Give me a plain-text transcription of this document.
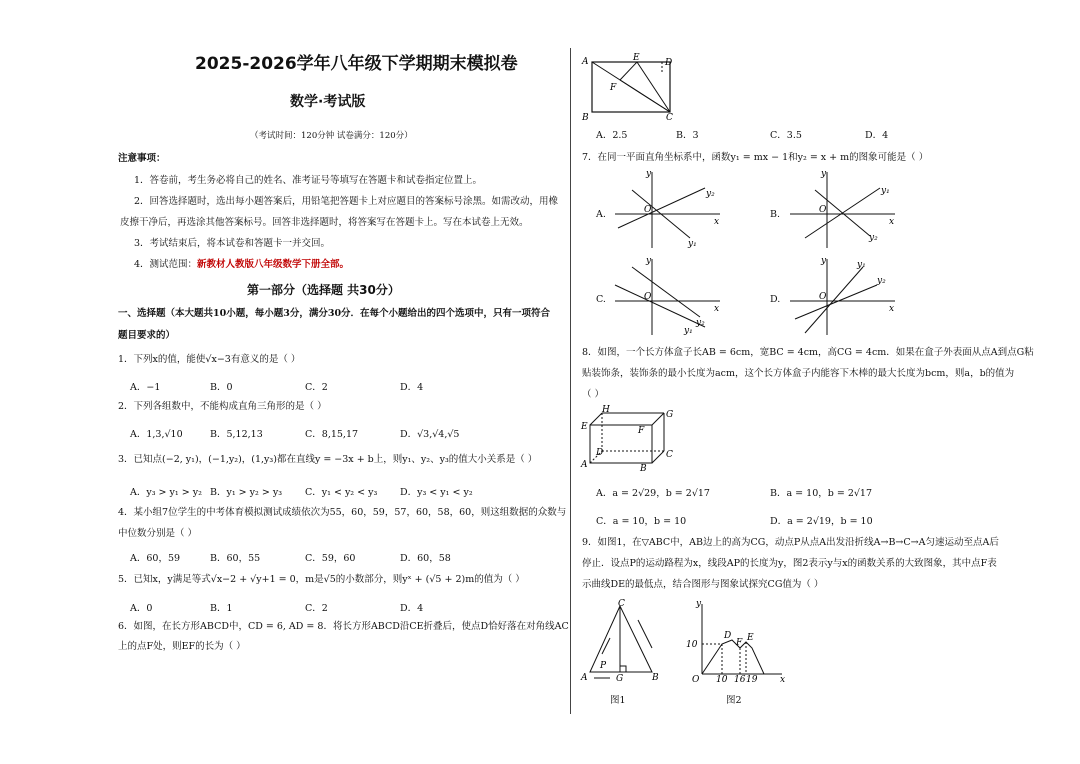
2025-2026学年八年级下学期期末模拟卷
数学·考试版
（考试时间：120分钟 试卷满分：120分）
注意事项：
1．答卷前，考生务必将自己的姓名、准考证号等填写在答题卡和试卷指定位置上。
2．回答选择题时，选出每小题答案后，用铅笔把答题卡上对应题目的答案标号涂黑。如需改动，用橡
皮擦干净后，再选涂其他答案标号。回答非选择题时，将答案写在答题卡上。写在本试卷上无效。
3．考试结束后，将本试卷和答题卡一并交回。
4．测试范围：新教材人教版八年级数学下册全部。
第一部分（选择题 共30分）
一、选择题（本大题共10小题，每小题3分，满分30分．在每个小题给出的四个选项中，只有一项符合
题目要求的）
1．下列x的值，能使√x−3有意义的是（ ）
A．−1	B．0	C．2	D．4
2．下列各组数中，不能构成直角三角形的是（ ）
A．1,3,√10	B．5,12,13	C．8,15,17	D．√3,√4,√5
3．已知点(−2, y₁)，(−1,y₂)，(1,y₃)都在直线y = −3x + b上，则y₁、y₂、y₃的值大小关系是（ ）
A．y₃ > y₁ > y₂ B．y₁ > y₂ > y₃ C．y₁ < y₂ < y₃ D．y₃ < y₁ < y₂
4．某小组7位学生的中考体育模拟测试成绩依次为55，60，59，57，60，58，60，则这组数据的众数与
中位数分别是（ ）
A．60，59	B．60，55	C．59，60	D．60，58
5．已知x，y满足等式√x−2 + √y+1 = 0，m是√5的小数部分，则yˣ + (√5 + 2)m的值为（ ）
A．0	B．1	C．2	D．4
6．如图，在长方形ABCD中，CD = 6, AD = 8．将长方形ABCD沿CE折叠后，使点D恰好落在对角线AC
上的点F处，则EF的长为（ ）
A	E	D
F
B	C
A．2.5	B．3	C．3.5	D．4
7．在同一平面直角坐标系中，函数y₁ = mx − 1和y₂ = x + m的图象可能是（ ）
A.	B.
C.	D.
y
x
O
y₂
y₁
y
x
O
y₁
y₂
y
x
O
y₂
y₁
y
x
O
y₁
y₂
8．如图，一个长方体盒子长AB = 6cm，宽BC = 4cm，高CG = 4cm．如果在盒子外表面从点A到点G粘
贴装饰条，装饰条的最小长度为acm，这个长方体盒子内能容下木棒的最大长度为bcm，则a，b的值为
（ ）
H	G
E	F
D	C
A	B
A．a = 2√29，b = 2√17	B．a = 10，b = 2√17
C．a = 10，b = 10	D．a = 2√19，b = 10
9．如图1，在▽ABC中，AB边上的高为CG，动点P从点A出发沿折线A→B→C→A匀速运动至点A后
停止．设点P的运动路程为x，线段AP的长度为y，图2表示y与x的函数关系的大致图象，其中点F表
示曲线DE的最低点，结合图形与图象试探究CG值为（ ）
C
P
A	G	B
图1
y
10
D
F E
O 10 16 19	x
图2
